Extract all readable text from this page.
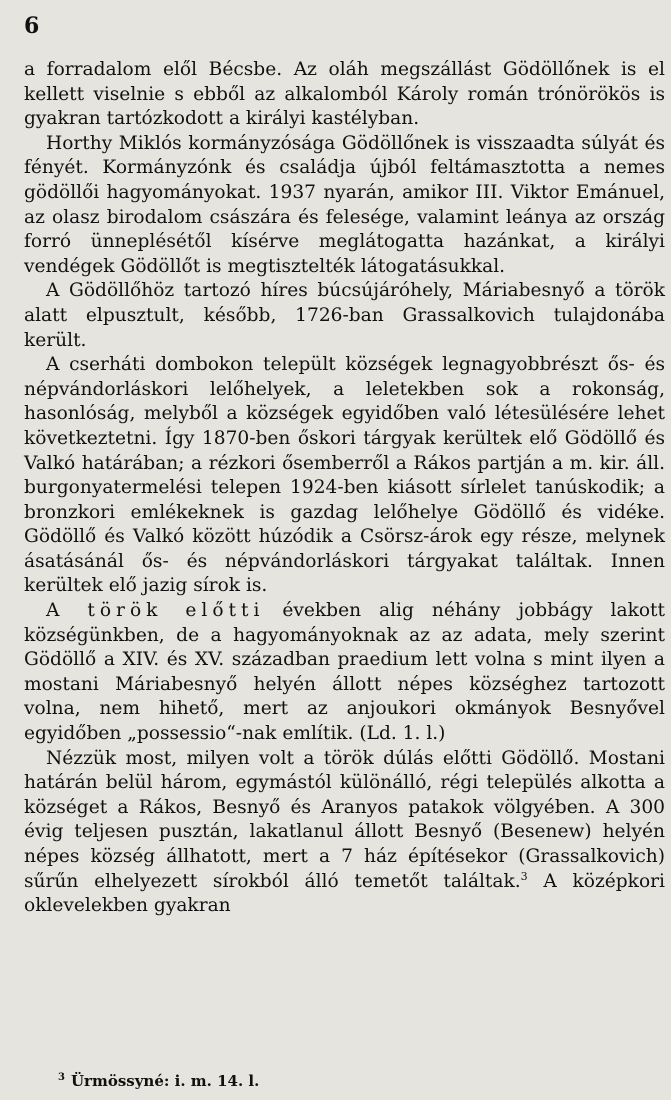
6

a forradalom elől Bécsbe. Az oláh megszállást Gödöllőnek is el kellett viselnie s ebből az alkalomból Károly román trónörökös is gyakran tartózkodott a királyi kastélyban.

Horthy Miklós kormányzósága Gödöllőnek is visszaadta súlyát és fényét. Kormányzónk és családja újból feltámasztotta a nemes gödöllői hagyományokat. 1937 nyarán, amikor III. Viktor Emánuel, az olasz birodalom császára és felesége, valamint leánya az ország forró ünneplésétől kísérve meglátogatta hazánkat, a királyi vendégek Gödöllőt is megtisztelték látogatásukkal.

A Gödöllőhöz tartozó híres búcsújáróhely, Máriabesnyő a török alatt elpusztult, később, 1726-ban Grassalkovich tulajdonába került.

A cserháti dombokon települt községek legnagyobbrészt ős- és népvándorláskori lelőhelyek, a leletekben sok a rokonság, hasonlóság, melyből a községek egyidőben való létesülésére lehet következtetni. Így 1870-ben őskori tárgyak kerültek elő Gödöllő és Valkó határában; a rézkori ősemberről a Rákos partján a m. kir. áll. burgonyatermelési telepen 1924-ben kiásott sírlelet tanúskodik; a bronzkori emlékeknek is gazdag lelőhelye Gödöllő és vidéke. Gödöllő és Valkó között húzódik a Csörsz-árok egy része, melynek ásatásánál ős- és népvándorláskori tárgyakat találtak. Innen kerültek elő jazig sírok is.

A török előtti években alig néhány jobbágy lakott községünkben, de a hagyományoknak az az adata, mely szerint Gödöllő a XIV. és XV. században praedium lett volna s mint ilyen a mostani Máriabesnyő helyén állott népes községhez tartozott volna, nem hihető, mert az anjoukori okmányok Besnyővel egyidőben „possessio“-nak említik. (Ld. 1. l.)

Nézzük most, milyen volt a török dúlás előtti Gödöllő. Mostani határán belül három, egymástól különálló, régi település alkotta a községet a Rákos, Besnyő és Aranyos patakok völgyében. A 300 évig teljesen pusztán, lakatlanul állott Besnyő (Besenew) helyén népes község állhatott, mert a 7 ház építésekor (Grassalkovich) sűrűn elhelyezett sírokból álló temetőt találtak.$^3$ A középkori oklevelekben gyakran

$^3$ Ürmössyné: i. m. 14. l.
